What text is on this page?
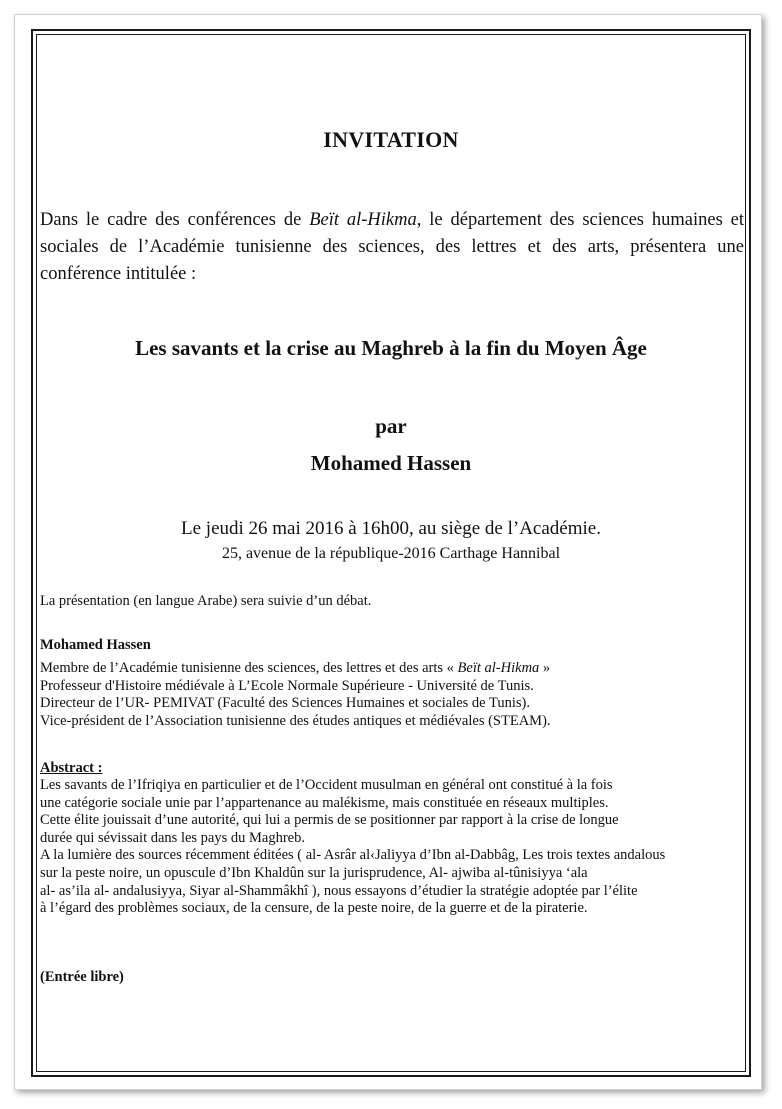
INVITATION

Dans le cadre des conférences de Beït al-Hikma, le département des sciences humaines et sociales de l’Académie tunisienne des sciences, des lettres et des arts, présentera une conférence intitulée :

Les savants et la crise au Maghreb à la fin du Moyen Âge
par
Mohamed Hassen
Le jeudi 26 mai 2016 à 16h00, au siège de l’Académie.
25, avenue de la république-2016 Carthage Hannibal
La présentation (en langue Arabe) sera suivie d’un débat.
Mohamed Hassen
Membre de l’Académie tunisienne des sciences, des lettres et des arts « Beït al-Hikma »
Professeur d'Histoire médiévale à L’Ecole Normale Supérieure - Université de Tunis.
Directeur de l’UR- PEMIVAT (Faculté des Sciences Humaines et sociales de Tunis).
Vice-président de l’Association tunisienne des études antiques et médiévales (STEAM).
Abstract :
Les savants de l’Ifriqiya en particulier et de l’Occident musulman en général ont constitué à la fois
une catégorie sociale unie par l’appartenance au malékisme, mais constituée en réseaux multiples.
Cette élite jouissait d’une autorité, qui lui a permis de se positionner par rapport à la crise de longue
durée qui sévissait dans les pays du Maghreb.
A la lumière des sources récemment éditées ( al- Asrâr al‹Jaliyya d’Ibn al-Dabbâg, Les trois textes andalous
sur la peste noire, un opuscule d’Ibn Khaldûn sur la jurisprudence, Al- ajwiba al-tûnisiyya ‘ala
al- as’ila al- andalusiyya, Siyar al-Shammâkhî ), nous essayons d’étudier la stratégie adoptée par l’élite
à l’égard des problèmes sociaux, de la censure, de la peste noire, de la guerre et de la piraterie.
(Entrée libre)
